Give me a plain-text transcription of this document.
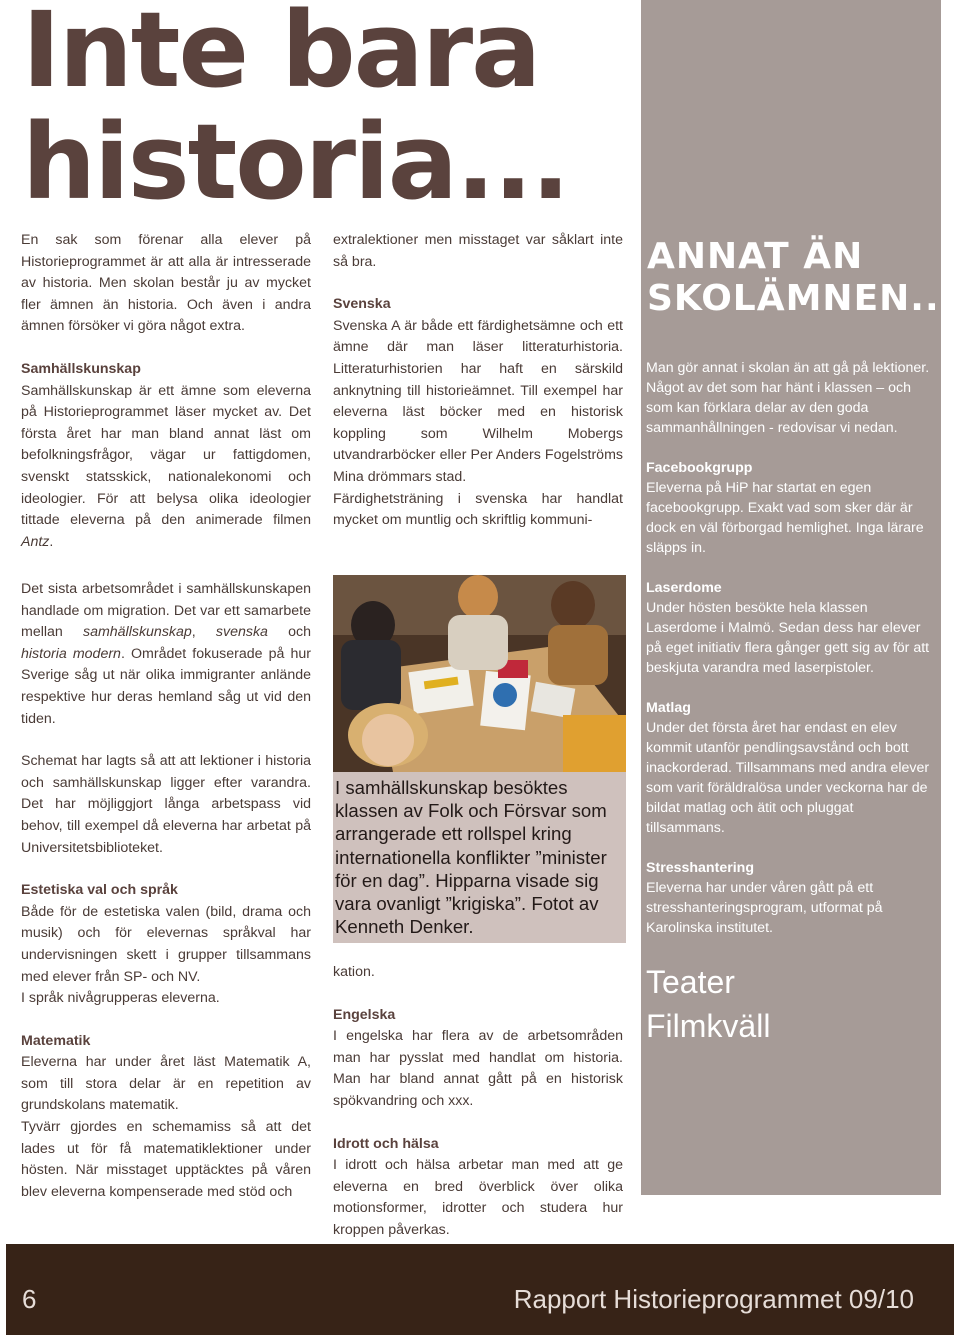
Inte bara
historia...

En sak som förenar alla elever på Historieprogrammet är att alla är intresserade av historia. Men skolan består ju av mycket fler ämnen än historia. Och även i andra ämnen försöker vi göra något extra.

Samhällskunskap

Samhällskunskap är ett ämne som eleverna på Historieprogrammet läser mycket av. Det första året har man bland annat läst om befolkningsfrågor, vägar ur fattigdomen, svenskt statsskick, nationalekonomi och ideologier. För att belysa olika ideologier tittade eleverna på den animerade filmen Antz.

Det sista arbetsområdet i samhällskunskapen handlade om migration. Det var ett samarbete mellan samhällskunskap, svenska och historia modern. Området fokuserade på hur Sverige såg ut när olika immigranter anlände respektive hur deras hemland såg ut vid den tiden.

Schemat har lagts så att att lektioner i historia och samhällskunskap ligger efter varandra. Det har möjliggjort långa arbetspass vid behov, till exempel då eleverna har arbetat på Universitetsbiblioteket.

Estetiska val och språk

Både för de estetiska valen (bild, drama och musik) och för elevernas språkval har undervisningen skett i grupper tillsammans med elever från SP- och NV.

I språk nivågrupperas eleverna.

Matematik

Eleverna har under året läst Matematik A, som till stora delar är en repetition av grundskolans matematik.

Tyvärr gjordes en schemamiss så att det lades ut för få matematiklektioner under hösten. När misstaget upptäcktes på våren blev eleverna kompenserade med stöd och

extralektioner men misstaget var såklart inte så bra.

Svenska

Svenska A är både ett färdighetsämne och ett ämne där man läser litteraturhistoria. Litteraturhistorien har haft en särskild anknytning till historieämnet. Till exempel har eleverna läst böcker med en historisk koppling som Wilhelm Mobergs utvandrarböcker eller Per Anders Fogelströms Mina drömmars stad.

Färdighetsträning i svenska har handlat mycket om muntlig och skriftlig kommuni-

I samhällskunskap besöktes klassen av Folk och Försvar som arrangerade ett rollspel kring internationella konflikter ”minister för en dag”. Hipparna visade sig vara ovanligt ”krigiska”. Fotot av Kenneth Denker.

kation.

Engelska

I engelska har flera av de arbetsområden man har pysslat med handlat om historia. Man har bland annat gått på en historisk spökvandring och xxx.

Idrott och hälsa

I idrott och hälsa arbetar man med att ge eleverna en bred överblick över olika motionsformer, idrotter och studera hur kroppen påverkas.

ANNAT ÄN
SKOLÄMNEN..

Man gör annat i skolan än att gå på lektioner. Något av det som har hänt i klassen – och som kan förklara delar av den goda sammanhållningen - redovisar vi nedan.

Facebookgrupp

Eleverna på HiP har startat en egen facebookgrupp. Exakt vad som sker där är dock en väl förborgad hemlighet. Inga lärare släpps in.

Laserdome

Under hösten besökte hela klassen Laserdome i Malmö. Sedan dess har elever på eget initiativ flera gånger gett sig av för att beskjuta varandra med laserpistoler.

Matlag

Under det första året har endast en elev kommit utanför pendlingsavstånd och bott inackorderad. Tillsammans med andra elever som varit föräldralösa under veckorna har de bildat matlag och ätit och pluggat tillsammans.

Stresshantering

Eleverna har under våren gått på ett stresshanteringsprogram, utformat på Karolinska institutet.

Teater
Filmkväll
6	Rapport Historieprogrammet 09/10
